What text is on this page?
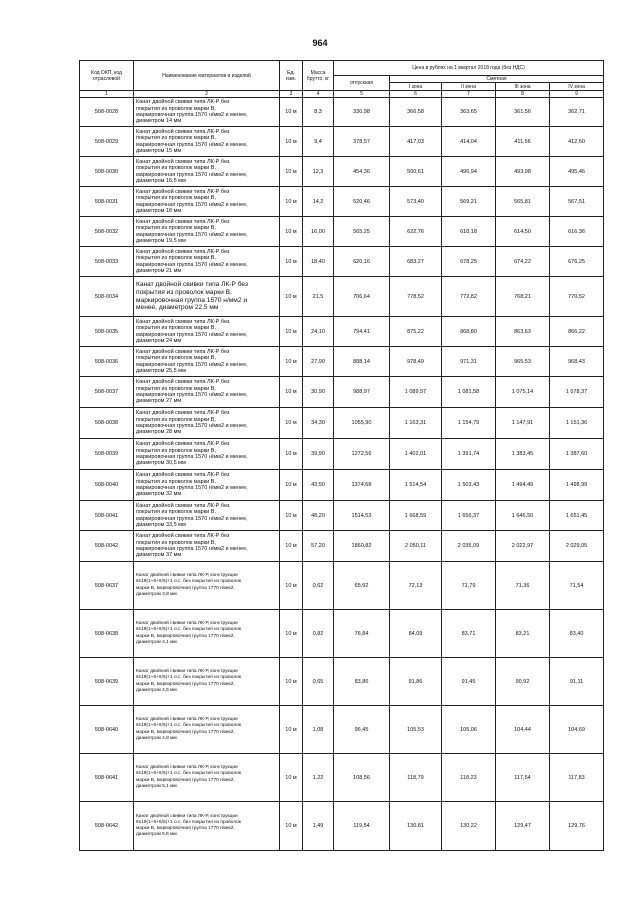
964
Код ОКП, код отраслевой	Наименование материалов и изделий	Ед. изм.	Масса брутто, кг	Цена в рублях на 1 квартал 2018 года (без НДС)				
				отпускная	Сметная			
					I зона	II зона	III зона	IV зона

1	2	3	4	5	6	7	8	9
508-0028	Канат двойной свивки типа ЛК-Р без
покрытия из проволок марки В,
маркировочная группа 1570 н/мм2 и менее,
диаметром 14 мм	10 м	8,3	330,98	366,58	363,65	361,56	362,71
508-0029	Канат двойной свивки типа ЛК-Р без
покрытия из проволок марки В,
маркировочная группа 1570 н/мм2 и менее,
диаметром 15 мм	10 м	9,4	378,57	417,03	414,04	411,56	412,60
508-0030	Канат двойной свивки типа ЛК-Р без
покрытия из проволок марки В,
маркировочная группа 1570 н/мм2 и менее,
диаметром 16,5 мм	10 м	12,3	454,36	500,61	496,94	493,98	495,46
508-0031	Канат двойной свивки типа ЛК-Р без
покрытия из проволок марки В,
маркировочная группа 1570 н/мм2 и менее,
диаметром 18 мм	10 м	14,2	520,46	573,40	569,21	565,81	567,51
508-0032	Канат двойной свивки типа ЛК-Р без
покрытия из проволок марки В,
маркировочная группа 1570 н/мм2 и менее,
диаметром 19,5 мм	10 м	16,00	565,25	622,76	618,18	614,50	616,36
508-0033	Канат двойной свивки типа ЛК-Р без
покрытия из проволок марки В,
маркировочная группа 1570 н/мм2 и менее,
диаметром 21 мм	10 м	18,40	620,16	683,27	678,25	674,22	676,25
508-0034	Канат двойной свивки типа ЛК-Р без
покрытия из проволок марки В,
маркировочная группа 1570 н/мм2 и
менее, диаметром 22,5 мм	10 м	21,5	706,64	778,52	772,82	768,21	770,52
508-0035	Канат двойной свивки типа ЛК-Р без
покрытия из проволок марки В,
маркировочная группа 1570 н/мм2 и менее,
диаметром 24 мм	10 м	24,10	794,41	875,22	868,80	863,63	866,22
508-0036	Канат двойной свивки типа ЛК-Р без
покрытия из проволок марки В,
маркировочная группа 1570 н/мм2 и менее,
диаметром 25,5 мм	10 м	27,90	888,14	978,49	971,31	965,53	968,43
508-0037	Канат двойной свивки типа ЛК-Р без
покрытия из проволок марки В,
маркировочная группа 1570 н/мм2 и менее,
диаметром 27 мм	10 м	30,90	988,97	1 089,57	1 081,58	1 075,14	1 078,37
508-0038	Канат двойной свивки типа ЛК-Р без
покрытия из проволок марки В,
маркировочная группа 1570 н/мм2 и менее,
диаметром 28 мм	10 м	34,30	1055,90	1 163,31	1 154,79	1 147,91	1 151,36
508-0039	Канат двойной свивки типа ЛК-Р без
покрытия из проволок марки В,
маркировочная группа 1570 н/мм2 и менее,
диаметром 30,5 мм	10 м	39,90	1272,56	1 402,01	1 391,74	1 383,45	1 387,60
508-0040	Канат двойной свивки типа ЛК-Р без
покрытия из проволок марки В,
маркировочная группа 1570 н/мм2 и менее,
диаметром 32 мм	10 м	43,50	1374,68	1 514,54	1 503,43	1 494,49	1 498,99
508-0041	Канат двойной свивки типа ЛК-Р без
покрытия из проволок марки В,
маркировочная группа 1570 н/мм2 и менее,
диаметром 33,5 мм	10 м	48,20	1514,53	1 668,59	1 656,37	1 646,50	1 651,45
508-0042	Канат двойной свивки типа ЛК-Р без
покрытия из проволок марки В,
маркировочная группа 1570 н/мм2 и менее,
диаметром 37 мм	10 м	57,20	1860,82	2 050,11	2 035,09	2 022,97	2 029,05
508-0637	Канат двойной свивки типа ЛК-Р, конструкции
6х19(1+6+6/6)+1 о.с. без покрытия из проволок
марки В, маркировочная группа 1770 н/мм2,
диаметром 3,8 мм	10 м	0,62	65,92	72,13	71,79	71,36	71,54
508-0638	Канат двойной свивки типа ЛК-Р, конструкции
6х19(1+6+6/6)+1 о.с. без покрытия из проволок
марки В, маркировочная группа 1770 н/мм2,
диаметром 4,1 мм	10 м	0,82	76,84	84,09	83,71	83,21	83,40
508-0639	Канат двойной свивки типа ЛК-Р, конструкции
6х19(1+6+6/6)+1 о.с. без покрытия из проволок
марки В, маркировочная группа 1770 н/мм2,
диаметром 4,5 мм	10 м	0,65	83,86	91,86	91,45	90,92	91,11
508-0640	Канат двойной свивки типа ЛК-Р, конструкции
6х19(1+6+6/6)+1 о.с. без покрытия из проволок
марки В, маркировочная группа 1770 н/мм2,
диаметром 4,8 мм	10 м	1,08	96,45	105,53	105,06	104,44	104,69
508-0641	Канат двойной свивки типа ЛК-Р, конструкции
6х19(1+6+6/6)+1 о.с. без покрытия из проволок
марки В, маркировочная группа 1770 н/мм2,
диаметром 5,1 мм	10 м	1,22	108,56	118,79	118,23	117,54	117,83
508-0642	Канат двойной свивки типа ЛК-Р, конструкции
6х19(1+6+6/6)+1 о.с. без покрытия из проволок
марки В, маркировочная группа 1770 н/мм2,
диаметром 5,6 мм	10 м	1,49	119,54	130,81	130,22	129,47	129,76
